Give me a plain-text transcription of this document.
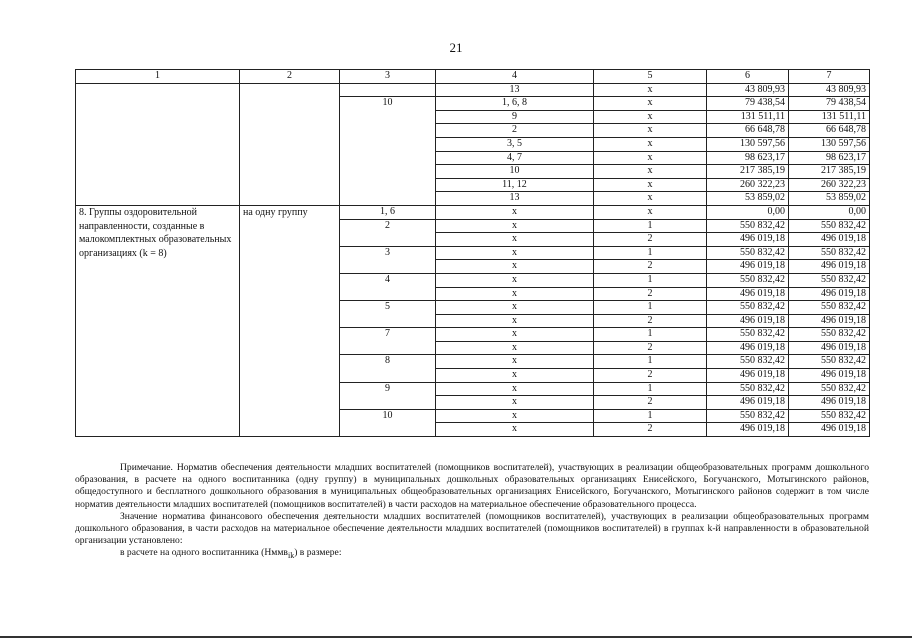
21
1	2	3	4	5	6	7
			13	х	43 809,93	43 809,93
		10	1, 6, 8	х	79 438,54	79 438,54
			9	х	131 511,11	131 511,11
			2	х	66 648,78	66 648,78
			3, 5	х	130 597,56	130 597,56
			4, 7	х	98 623,17	98 623,17
			10	х	217 385,19	217 385,19
			11, 12	х	260 322,23	260 322,23
			13	х	53 859,02	53 859,02
8. Группы оздоровительной направленности, созданные в малокомплектных образовательных организациях (k = 8)	на одну группу	1, 6	х	х	0,00	0,00
		2	х	1	550 832,42	550 832,42
			х	2	496 019,18	496 019,18
		3	х	1	550 832,42	550 832,42
			х	2	496 019,18	496 019,18
		4	х	1	550 832,42	550 832,42
			х	2	496 019,18	496 019,18
		5	х	1	550 832,42	550 832,42
			х	2	496 019,18	496 019,18
		7	х	1	550 832,42	550 832,42
			х	2	496 019,18	496 019,18
		8	х	1	550 832,42	550 832,42
			х	2	496 019,18	496 019,18
		9	х	1	550 832,42	550 832,42
			х	2	496 019,18	496 019,18
		10	х	1	550 832,42	550 832,42
			х	2	496 019,18	496 019,18

Примечание. Норматив обеспечения деятельности младших воспитателей (помощников воспитателей), участвующих в реализации общеобразовательных программ дошкольного образования, в расчете на одного воспитанника (одну группу) в муниципальных дошкольных образовательных организациях Енисейского, Богучанского, Мотыгинского районов, общедоступного и бесплатного дошкольного образования в муниципальных общеобразовательных организациях Енисейского, Богучанского, Мотыгинского районов содержит в том числе норматив деятельности младших воспитателей (помощников воспитателей) в части расходов на материальное обеспечение образовательного процесса.

Значение норматива финансового обеспечения деятельности младших воспитателей (помощников воспитателей), участвующих в реализации общеобразовательных программ дошкольного образования, в части расходов на материальное обеспечение деятельности младших воспитателей (помощников воспитателей) в группах k-й направленности в образовательной организации установлено:

в расчете на одного воспитанника (Нммв$_{ik}$) в размере:
